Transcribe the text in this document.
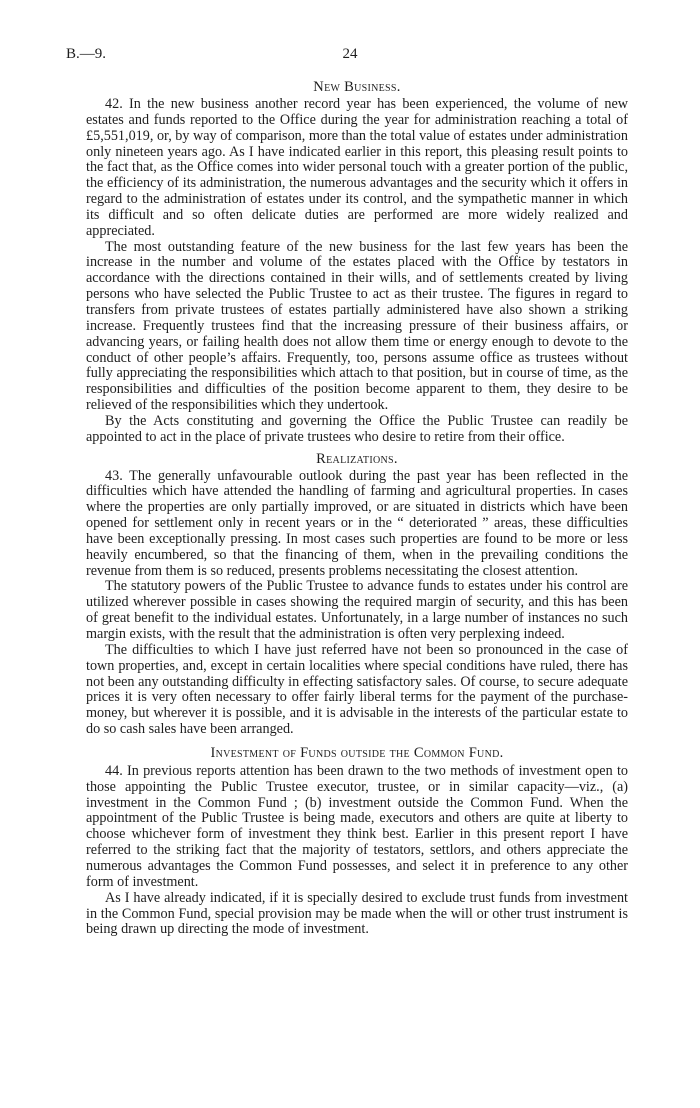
B.—9.	24
New Business.

42. In the new business another record year has been experienced, the volume of new estates and funds reported to the Office during the year for administration reaching a total of £5,551,019, or, by way of comparison, more than the total value of estates under administration only nineteen years ago. As I have indicated earlier in this report, this pleasing result points to the fact that, as the Office comes into wider personal touch with a greater portion of the public, the efficiency of its administration, the numerous advantages and the security which it offers in regard to the administration of estates under its control, and the sympathetic manner in which its difficult and so often delicate duties are performed are more widely realized and appreciated.

The most outstanding feature of the new business for the last few years has been the increase in the number and volume of the estates placed with the Office by testators in accordance with the directions contained in their wills, and of settlements created by living persons who have selected the Public Trustee to act as their trustee. The figures in regard to transfers from private trustees of estates partially administered have also shown a striking increase. Frequently trustees find that the increasing pressure of their business affairs, or advancing years, or failing health does not allow them time or energy enough to devote to the conduct of other people’s affairs. Frequently, too, persons assume office as trustees without fully appreciating the responsibilities which attach to that position, but in course of time, as the responsibilities and difficulties of the position become apparent to them, they desire to be relieved of the responsibilities which they undertook.

By the Acts constituting and governing the Office the Public Trustee can readily be appointed to act in the place of private trustees who desire to retire from their office.

Realizations.

43. The generally unfavourable outlook during the past year has been reflected in the difficulties which have attended the handling of farming and agricultural properties. In cases where the properties are only partially improved, or are situated in districts which have been opened for settlement only in recent years or in the “ deteriorated ” areas, these difficulties have been exceptionally pressing. In most cases such properties are found to be more or less heavily encumbered, so that the financing of them, when in the prevailing conditions the revenue from them is so reduced, presents problems necessitating the closest attention.

The statutory powers of the Public Trustee to advance funds to estates under his control are utilized wherever possible in cases showing the required margin of security, and this has been of great benefit to the individual estates. Unfortunately, in a large number of instances no such margin exists, with the result that the administration is often very perplexing indeed.

The difficulties to which I have just referred have not been so pronounced in the case of town properties, and, except in certain localities where special conditions have ruled, there has not been any outstanding difficulty in effecting satisfactory sales. Of course, to secure adequate prices it is very often necessary to offer fairly liberal terms for the payment of the purchase-money, but wherever it is possible, and it is advisable in the interests of the particular estate to do so cash sales have been arranged.

Investment of Funds outside the Common Fund.

44. In previous reports attention has been drawn to the two methods of investment open to those appointing the Public Trustee executor, trustee, or in similar capacity—viz., (a) investment in the Common Fund ; (b) investment outside the Common Fund. When the appointment of the Public Trustee is being made, executors and others are quite at liberty to choose whichever form of investment they think best. Earlier in this present report I have referred to the striking fact that the majority of testators, settlors, and others appreciate the numerous advantages the Common Fund possesses, and select it in preference to any other form of investment.

As I have already indicated, if it is specially desired to exclude trust funds from investment in the Common Fund, special provision may be made when the will or other trust instrument is being drawn up directing the mode of investment.
